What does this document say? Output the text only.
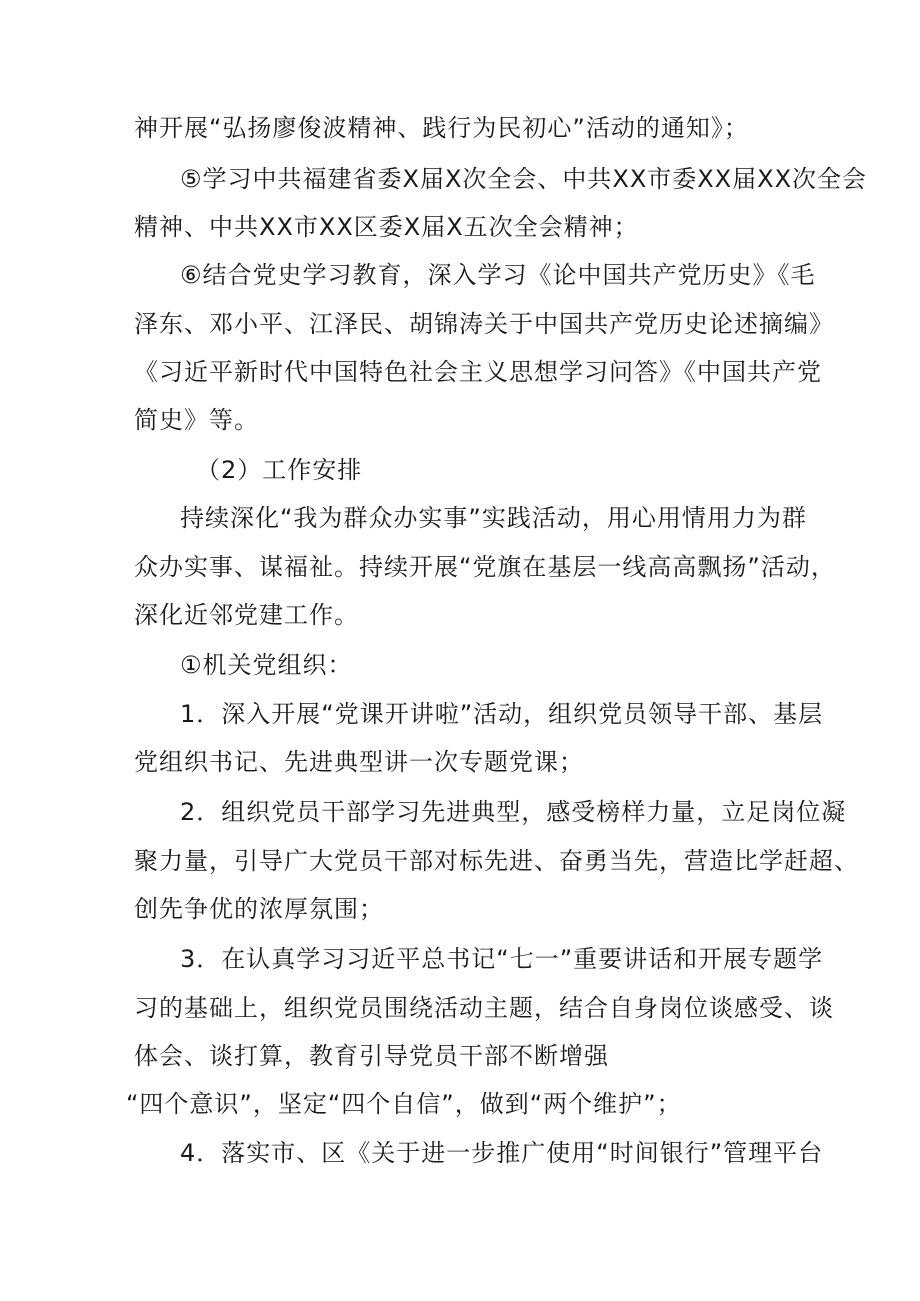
神开展“弘扬廖俊波精神、践行为民初心”活动的通知》；

⑤学习中共福建省委X届X次全会、中共XX市委XX届XX次全会

精神、中共XX市XX区委X届X五次全会精神；

⑥结合党史学习教育，深入学习《论中国共产党历史》《毛

泽东、邓小平、江泽民、胡锦涛关于中国共产党历史论述摘编》

《习近平新时代中国特色社会主义思想学习问答》《中国共产党

简史》等。

（2）工作安排

持续深化“我为群众办实事”实践活动，用心用情用力为群

众办实事、谋福祉。持续开展“党旗在基层一线高高飘扬”活动，

深化近邻党建工作。

①机关党组织：

1．深入开展“党课开讲啦”活动，组织党员领导干部、基层

党组织书记、先进典型讲一次专题党课；

2．组织党员干部学习先进典型，感受榜样力量，立足岗位凝

聚力量，引导广大党员干部对标先进、奋勇当先，营造比学赶超、

创先争优的浓厚氛围；

3．在认真学习习近平总书记“七一”重要讲话和开展专题学

习的基础上，组织党员围绕活动主题，结合自身岗位谈感受、谈

体会、谈打算，教育引导党员干部不断增强

“四个意识”，坚定“四个自信”，做到“两个维护”；

4．落实市、区《关于进一步推广使用“时间银行”管理平台
